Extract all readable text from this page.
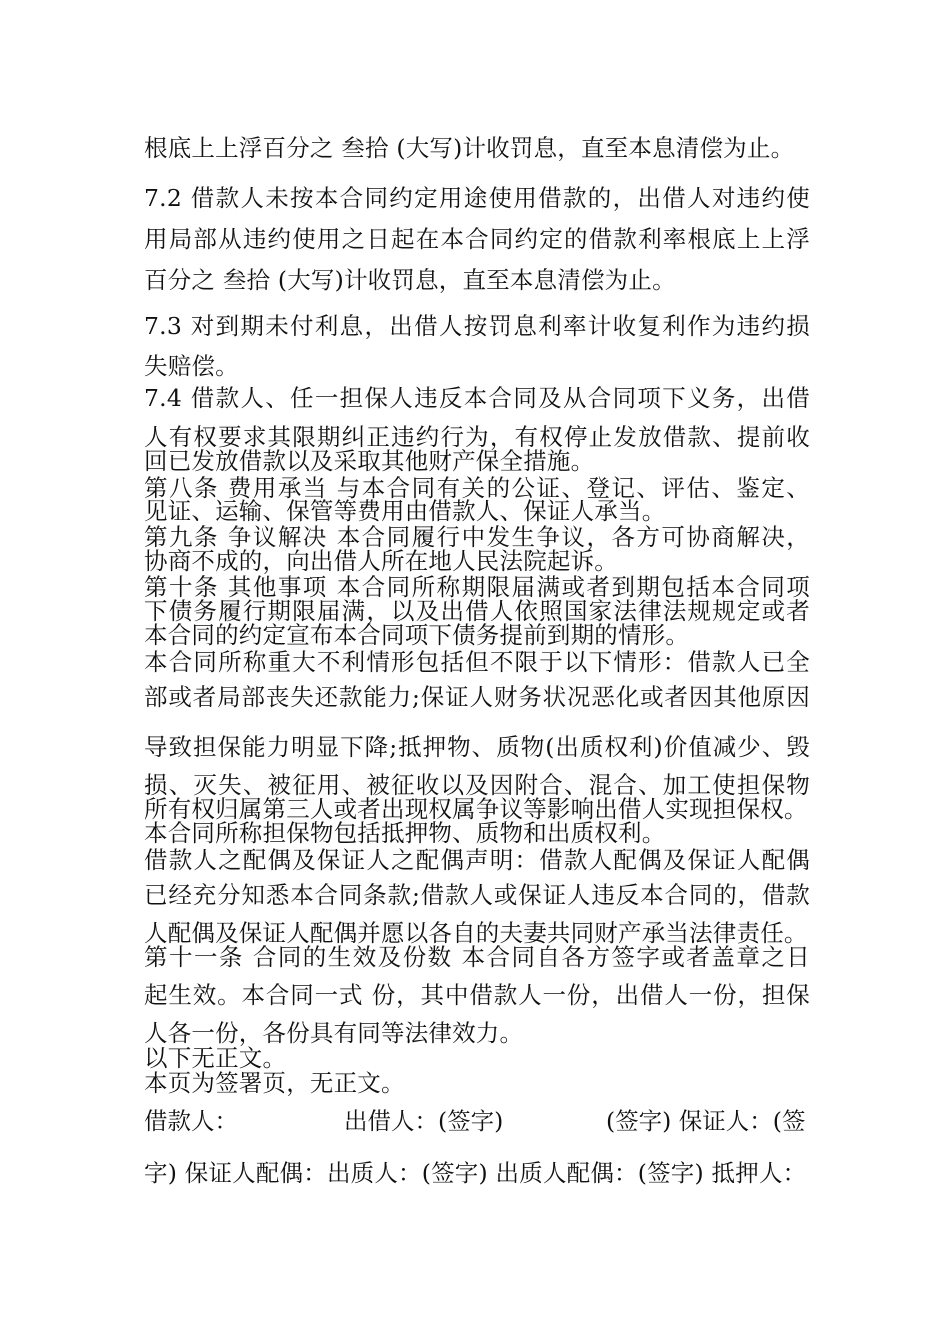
根底上上浮百分之 叁拾 (大写)计收罚息，直至本息清偿为止。
7.2 借款人未按本合同约定用途使用借款的，出借人对违约使
用局部从违约使用之日起在本合同约定的借款利率根底上上浮
百分之 叁拾 (大写)计收罚息，直至本息清偿为止。
7.3 对到期未付利息，出借人按罚息利率计收复利作为违约损
失赔偿。
7.4 借款人、任一担保人违反本合同及从合同项下义务，出借
人有权要求其限期纠正违约行为，有权停止发放借款、提前收
回已发放借款以及采取其他财产保全措施。
第八条 费用承当 与本合同有关的公证、登记、评估、鉴定、
见证、运输、保管等费用由借款人、保证人承当。
第九条 争议解决 本合同履行中发生争议，各方可协商解决，
协商不成的，向出借人所在地人民法院起诉。
第十条 其他事项 本合同所称期限届满或者到期包括本合同项
下债务履行期限届满，以及出借人依照国家法律法规规定或者
本合同的约定宣布本合同项下债务提前到期的情形。
本合同所称重大不利情形包括但不限于以下情形：借款人已全
部或者局部丧失还款能力;保证人财务状况恶化或者因其他原因
导致担保能力明显下降;抵押物、质物(出质权利)价值减少、毁
损、灭失、被征用、被征收以及因附合、混合、加工使担保物
所有权归属第三人或者出现权属争议等影响出借人实现担保权。
本合同所称担保物包括抵押物、质物和出质权利。
借款人之配偶及保证人之配偶声明：借款人配偶及保证人配偶
已经充分知悉本合同条款;借款人或保证人违反本合同的，借款
人配偶及保证人配偶并愿以各自的夫妻共同财产承当法律责任。
第十一条 合同的生效及份数 本合同自各方签字或者盖章之日
起生效。本合同一式 份，其中借款人一份，出借人一份，担保
人各一份，各份具有同等法律效力。
以下无正文。
本页为签署页，无正文。
借款人：	出借人：(签字)	(签字) 保证人：(签
字) 保证人配偶：出质人：(签字) 出质人配偶：(签字) 抵押人：
